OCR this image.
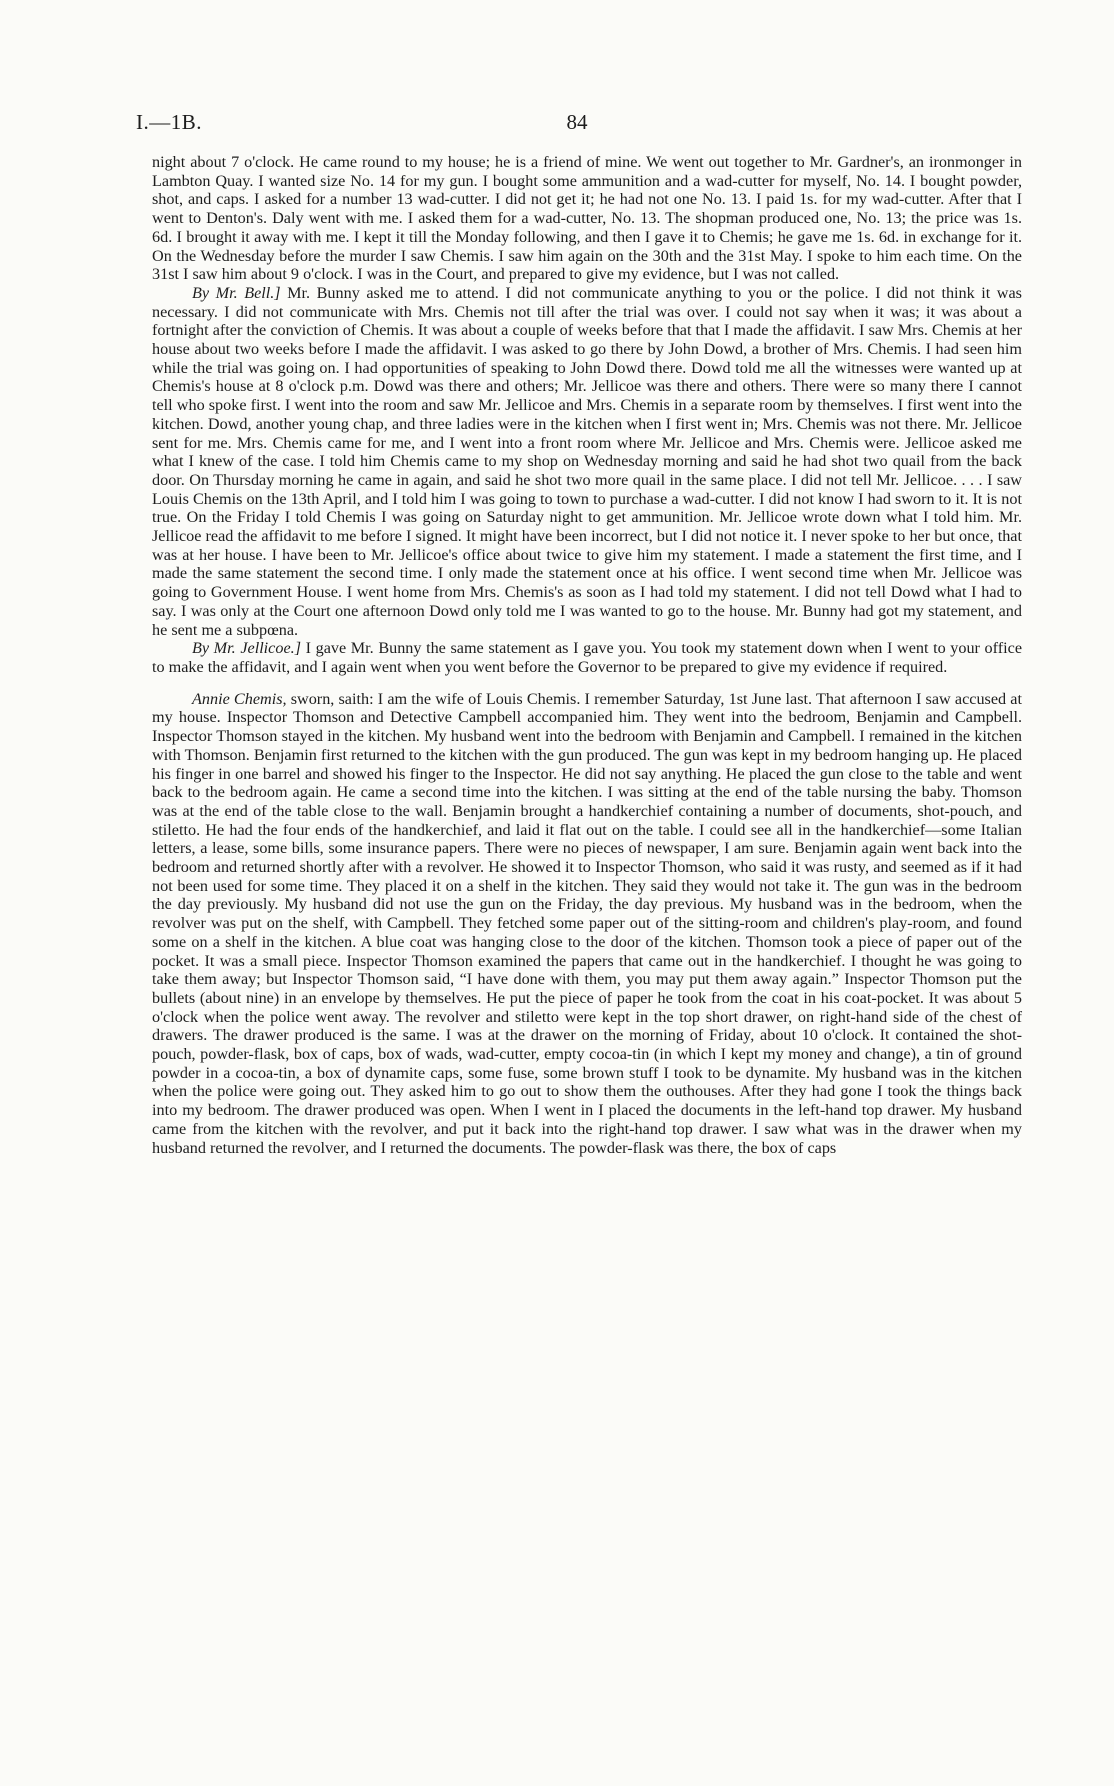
I.—1B.	84

night about 7 o'clock. He came round to my house; he is a friend of mine. We went out together to Mr. Gardner's, an ironmonger in Lambton Quay. I wanted size No. 14 for my gun. I bought some ammunition and a wad-cutter for myself, No. 14. I bought powder, shot, and caps. I asked for a number 13 wad-cutter. I did not get it; he had not one No. 13. I paid 1s. for my wad-cutter. After that I went to Denton's. Daly went with me. I asked them for a wad-cutter, No. 13. The shopman produced one, No. 13; the price was 1s. 6d. I brought it away with me. I kept it till the Monday following, and then I gave it to Chemis; he gave me 1s. 6d. in exchange for it. On the Wednesday before the murder I saw Chemis. I saw him again on the 30th and the 31st May. I spoke to him each time. On the 31st I saw him about 9 o'clock. I was in the Court, and prepared to give my evidence, but I was not called.

By Mr. Bell.] Mr. Bunny asked me to attend. I did not communicate anything to you or the police. I did not think it was necessary. I did not communicate with Mrs. Chemis not till after the trial was over. I could not say when it was; it was about a fortnight after the conviction of Chemis. It was about a couple of weeks before that that I made the affidavit. I saw Mrs. Chemis at her house about two weeks before I made the affidavit. I was asked to go there by John Dowd, a brother of Mrs. Chemis. I had seen him while the trial was going on. I had opportunities of speaking to John Dowd there. Dowd told me all the witnesses were wanted up at Chemis's house at 8 o'clock p.m. Dowd was there and others; Mr. Jellicoe was there and others. There were so many there I cannot tell who spoke first. I went into the room and saw Mr. Jellicoe and Mrs. Chemis in a separate room by themselves. I first went into the kitchen. Dowd, another young chap, and three ladies were in the kitchen when I first went in; Mrs. Chemis was not there. Mr. Jellicoe sent for me. Mrs. Chemis came for me, and I went into a front room where Mr. Jellicoe and Mrs. Chemis were. Jellicoe asked me what I knew of the case. I told him Chemis came to my shop on Wednesday morning and said he had shot two quail from the back door. On Thursday morning he came in again, and said he shot two more quail in the same place. I did not tell Mr. Jellicoe. . . . I saw Louis Chemis on the 13th April, and I told him I was going to town to purchase a wad-cutter. I did not know I had sworn to it. It is not true. On the Friday I told Chemis I was going on Saturday night to get ammunition. Mr. Jellicoe wrote down what I told him. Mr. Jellicoe read the affidavit to me before I signed. It might have been incorrect, but I did not notice it. I never spoke to her but once, that was at her house. I have been to Mr. Jellicoe's office about twice to give him my statement. I made a statement the first time, and I made the same statement the second time. I only made the statement once at his office. I went second time when Mr. Jellicoe was going to Government House. I went home from Mrs. Chemis's as soon as I had told my statement. I did not tell Dowd what I had to say. I was only at the Court one afternoon Dowd only told me I was wanted to go to the house. Mr. Bunny had got my statement, and he sent me a subpœna.

By Mr. Jellicoe.] I gave Mr. Bunny the same statement as I gave you. You took my statement down when I went to your office to make the affidavit, and I again went when you went before the Governor to be prepared to give my evidence if required.

Annie Chemis, sworn, saith: I am the wife of Louis Chemis. I remember Saturday, 1st June last. That afternoon I saw accused at my house. Inspector Thomson and Detective Campbell accompanied him. They went into the bedroom, Benjamin and Campbell. Inspector Thomson stayed in the kitchen. My husband went into the bedroom with Benjamin and Campbell. I remained in the kitchen with Thomson. Benjamin first returned to the kitchen with the gun produced. The gun was kept in my bedroom hanging up. He placed his finger in one barrel and showed his finger to the Inspector. He did not say anything. He placed the gun close to the table and went back to the bedroom again. He came a second time into the kitchen. I was sitting at the end of the table nursing the baby. Thomson was at the end of the table close to the wall. Benjamin brought a handkerchief containing a number of documents, shot-pouch, and stiletto. He had the four ends of the handkerchief, and laid it flat out on the table. I could see all in the handkerchief—some Italian letters, a lease, some bills, some insurance papers. There were no pieces of newspaper, I am sure. Benjamin again went back into the bedroom and returned shortly after with a revolver. He showed it to Inspector Thomson, who said it was rusty, and seemed as if it had not been used for some time. They placed it on a shelf in the kitchen. They said they would not take it. The gun was in the bedroom the day previously. My husband did not use the gun on the Friday, the day previous. My husband was in the bedroom, when the revolver was put on the shelf, with Campbell. They fetched some paper out of the sitting-room and children's play-room, and found some on a shelf in the kitchen. A blue coat was hanging close to the door of the kitchen. Thomson took a piece of paper out of the pocket. It was a small piece. Inspector Thomson examined the papers that came out in the handkerchief. I thought he was going to take them away; but Inspector Thomson said, “I have done with them, you may put them away again.” Inspector Thomson put the bullets (about nine) in an envelope by themselves. He put the piece of paper he took from the coat in his coat-pocket. It was about 5 o'clock when the police went away. The revolver and stiletto were kept in the top short drawer, on right-hand side of the chest of drawers. The drawer produced is the same. I was at the drawer on the morning of Friday, about 10 o'clock. It contained the shot-pouch, powder-flask, box of caps, box of wads, wad-cutter, empty cocoa-tin (in which I kept my money and change), a tin of ground powder in a cocoa-tin, a box of dynamite caps, some fuse, some brown stuff I took to be dynamite. My husband was in the kitchen when the police were going out. They asked him to go out to show them the outhouses. After they had gone I took the things back into my bedroom. The drawer produced was open. When I went in I placed the documents in the left-hand top drawer. My husband came from the kitchen with the revolver, and put it back into the right-hand top drawer. I saw what was in the drawer when my husband returned the revolver, and I returned the documents. The powder-flask was there, the box of caps
